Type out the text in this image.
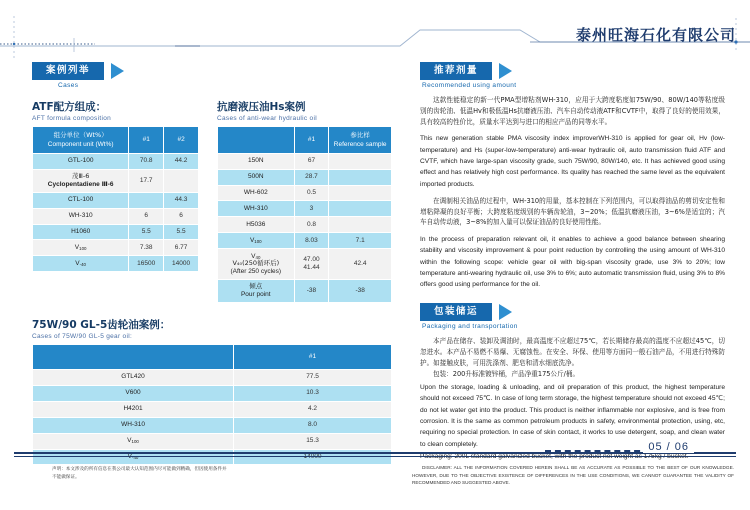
泰州旺海石化有限公司
案例列举
Cases
ATF配方组成：
AFT formula composition
组分单位（Wt%）
Component unit (Wt%)	#1	#2
GTL-100	70.8	44.2
茂Ⅲ-6
Cyclopentadiene Ⅲ-6	17.7	
CTL-100		44.3
WH-310	6	6
H1060	5.5	5.5
$V_{100}$	7.38	6.77
$V_{-40}$	16500	14000
抗磨液压油Hs案例
Cases of anti-wear hydraulic oil
	#1	参比样
Reference sample
150N	67	
500N	28.7	
WH-602	0.5	
WH-310	3	
H5036	0.8	
$V_{100}$	8.03	7.1
$V_{40}$
V₄₀(250循环后)
(After 250 cycles)	47.00
41.44	42.4
倾点
Pour point	-38	-38
75W/90 GL-5齿轮油案例：
Cases of 75W/90 GL-5 gear oil:
	#1
GTL420	77.5
V600	10.3
H4201	4.2
WH-310	8.0
$V_{100}$	15.3
$V_{-40}$	14000
推荐剂量
Recommended using amount
这款性能稳定的新一代PMA型增粘剂WH-310，应用于大跨度粘度如75W/90、80W/140等粘度级别的齿轮油、低温Hv和极低温Hs抗磨液压油、汽车自动传动液ATF和CVTF中，取得了良好的使用效果，具有较高的性价比，质量水平达到与进口的相应产品的同等水平。
This new generation stable PMA viscosity index improverWH-310 is applied for gear oil, Hv (low-temperature) and Hs (super-low-temperature) anti-wear hydraulic oil, auto transmission fluid ATF and CVTF, which have large-span viscosity grade, such 75W/90, 80W/140, etc. It has achieved good using effect and has relatively high cost performance. Its quality has reached the same level as the equivalent imported products.
在调制相关油品的过程中，WH-310的用量，基本控制在下列范围内，可以取得油品的剪切安定性和增粘降凝的良好平衡；大跨度粘度级别的车辆齿轮油，3~20%；低温抗磨液压油，3~6%是适宜的；汽车自动传动液，3~8%的加入量可以保证油品的良好使用性能。
In the process of preparation relevant oil, it enables to achieve a good balance between shearing stability and viscosity improvement & pour point reduction by controlling the using amount of WH-310 within the following scope: vehicle gear oil with big-span viscosity grade, use 3% to 20%; low temperature anti-wearing hydraulic oil, use 3% to 6%; auto automatic transmission fluid, using 3% to 8% offers good using performance for the oil.
包装储运
Packaging and transportation
本产品在储存、装卸及调油时，最高温度不应超过75℃，若长期储存最高的温度不应超过45℃，切忽进水。本产品不易燃不易爆、无腐蚀性。在安全、环保、使用等方面同一般石油产品，不用进行特殊防护。如接触皮肤，可用洗涤剂、肥皂和清水细底洗净。
包装：200升标准镀锌桶，产品净重175公斤/桶。
Upon the storage, loading & unloading, and oil preparation of this product, the highest temperature should not exceed 75℃. In case of long term storage, the highest temperature should not exceed 45℃; do not let water get into the product. This product is neither inflammable nor explosive, and is free from corrosion. It is the same as common petroleum products in safety, environmental protection, using, etc, requiring no special protection. In case of skin contact, it works to use detergent, soap, and clean water to clean completely.
Packaging: 200L standard galvanized bucket, with the product net weight as 175kg / bucket.
05 / 06
声明：本文涉及的所有信息在我公司最大认知范围内尽可能做到精确，但因使用条件并不能做保证。
DISCLAIMER: ALL THE INFORMATION COVERED HEREIN SHALL BE AS ACCURATE AS POSSIBLE TO THE BEST OF OUR KNOWLEDGE. HOWEVER, DUE TO THE OBJECTIVE EXISTENCE OF DIFFERENCES IN THE USE CONDITIONS, WE CANNOT GUARANTEE THE VALIDITY OF RECOMMENDED AND SUGGESTED ABOVE.
